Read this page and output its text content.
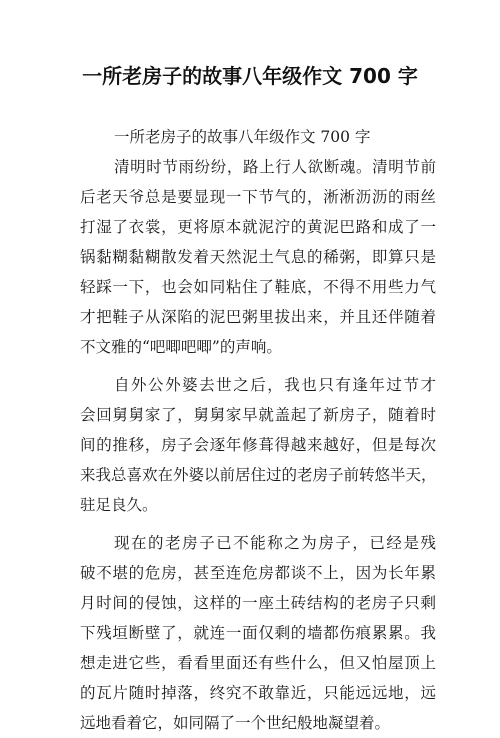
一所老房子的故事八年级作文 700 字
一所老房子的故事八年级作文 700 字
清明时节雨纷纷，路上行人欲断魂。清明节前
后老天爷总是要显现一下节气的，淅淅沥沥的雨丝
打湿了衣裳，更将原本就泥泞的黄泥巴路和成了一
锅黏糊黏糊散发着天然泥土气息的稀粥，即算只是
轻踩一下，也会如同粘住了鞋底，不得不用些力气
才把鞋子从深陷的泥巴粥里拔出来，并且还伴随着
不文雅的“吧唧吧唧”的声响。
自外公外婆去世之后，我也只有逢年过节才
会回舅舅家了，舅舅家早就盖起了新房子，随着时
间的推移，房子会逐年修葺得越来越好，但是每次
来我总喜欢在外婆以前居住过的老房子前转悠半天，
驻足良久。
现在的老房子已不能称之为房子，已经是残
破不堪的危房，甚至连危房都谈不上，因为长年累
月时间的侵蚀，这样的一座土砖结构的老房子只剩
下残垣断壁了，就连一面仅剩的墙都伤痕累累。我
想走进它些，看看里面还有些什么，但又怕屋顶上
的瓦片随时掉落，终究不敢靠近，只能远远地，远
远地看着它，如同隔了一个世纪般地凝望着。
